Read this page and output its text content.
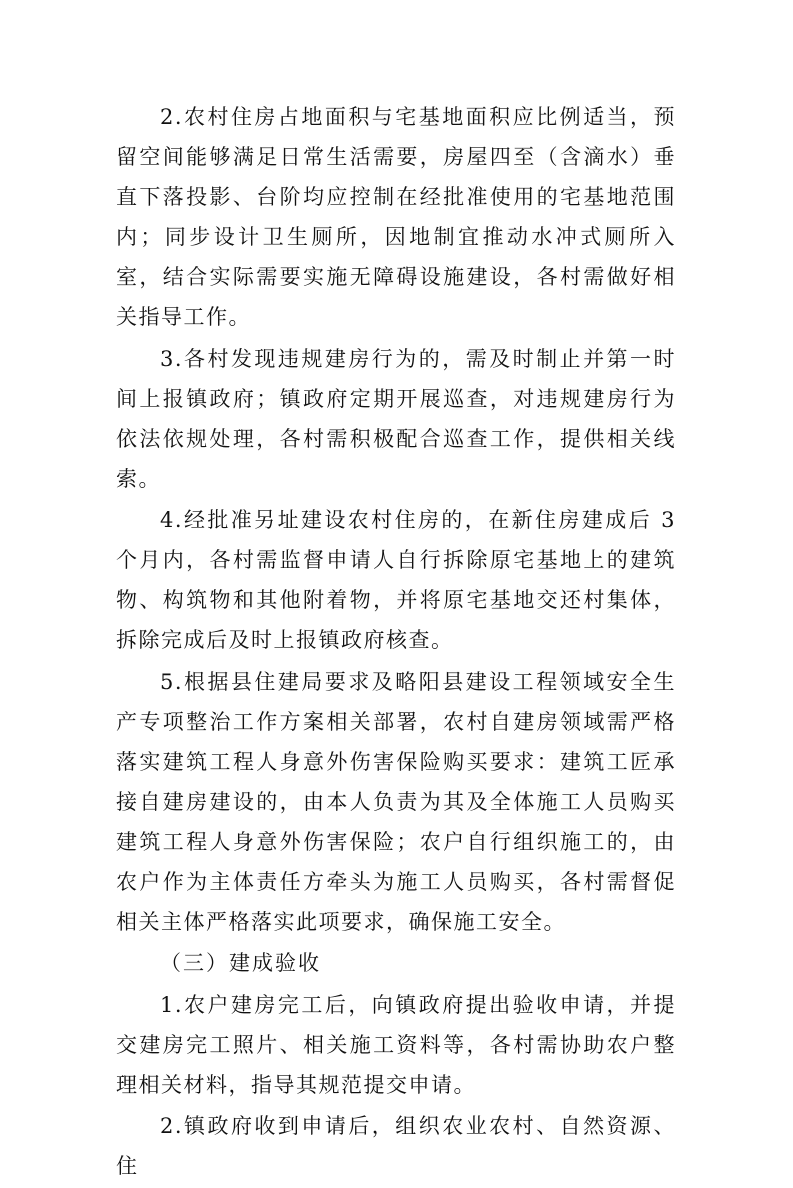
2.农村住房占地面积与宅基地面积应比例适当，预留空间能够满足日常生活需要，房屋四至（含滴水）垂直下落投影、台阶均应控制在经批准使用的宅基地范围内；同步设计卫生厕所，因地制宜推动水冲式厕所入室，结合实际需要实施无障碍设施建设，各村需做好相关指导工作。

3.各村发现违规建房行为的，需及时制止并第一时间上报镇政府；镇政府定期开展巡查，对违规建房行为依法依规处理，各村需积极配合巡查工作，提供相关线索。

4.经批准另址建设农村住房的，在新住房建成后 3 个月内，各村需监督申请人自行拆除原宅基地上的建筑物、构筑物和其他附着物，并将原宅基地交还村集体，拆除完成后及时上报镇政府核查。

5.根据县住建局要求及略阳县建设工程领域安全生产专项整治工作方案相关部署，农村自建房领域需严格落实建筑工程人身意外伤害保险购买要求：建筑工匠承接自建房建设的，由本人负责为其及全体施工人员购买建筑工程人身意外伤害保险；农户自行组织施工的，由农户作为主体责任方牵头为施工人员购买，各村需督促相关主体严格落实此项要求，确保施工安全。

（三）建成验收

1.农户建房完工后，向镇政府提出验收申请，并提交建房完工照片、相关施工资料等，各村需协助农户整理相关材料，指导其规范提交申请。

2.镇政府收到申请后，组织农业农村、自然资源、住
